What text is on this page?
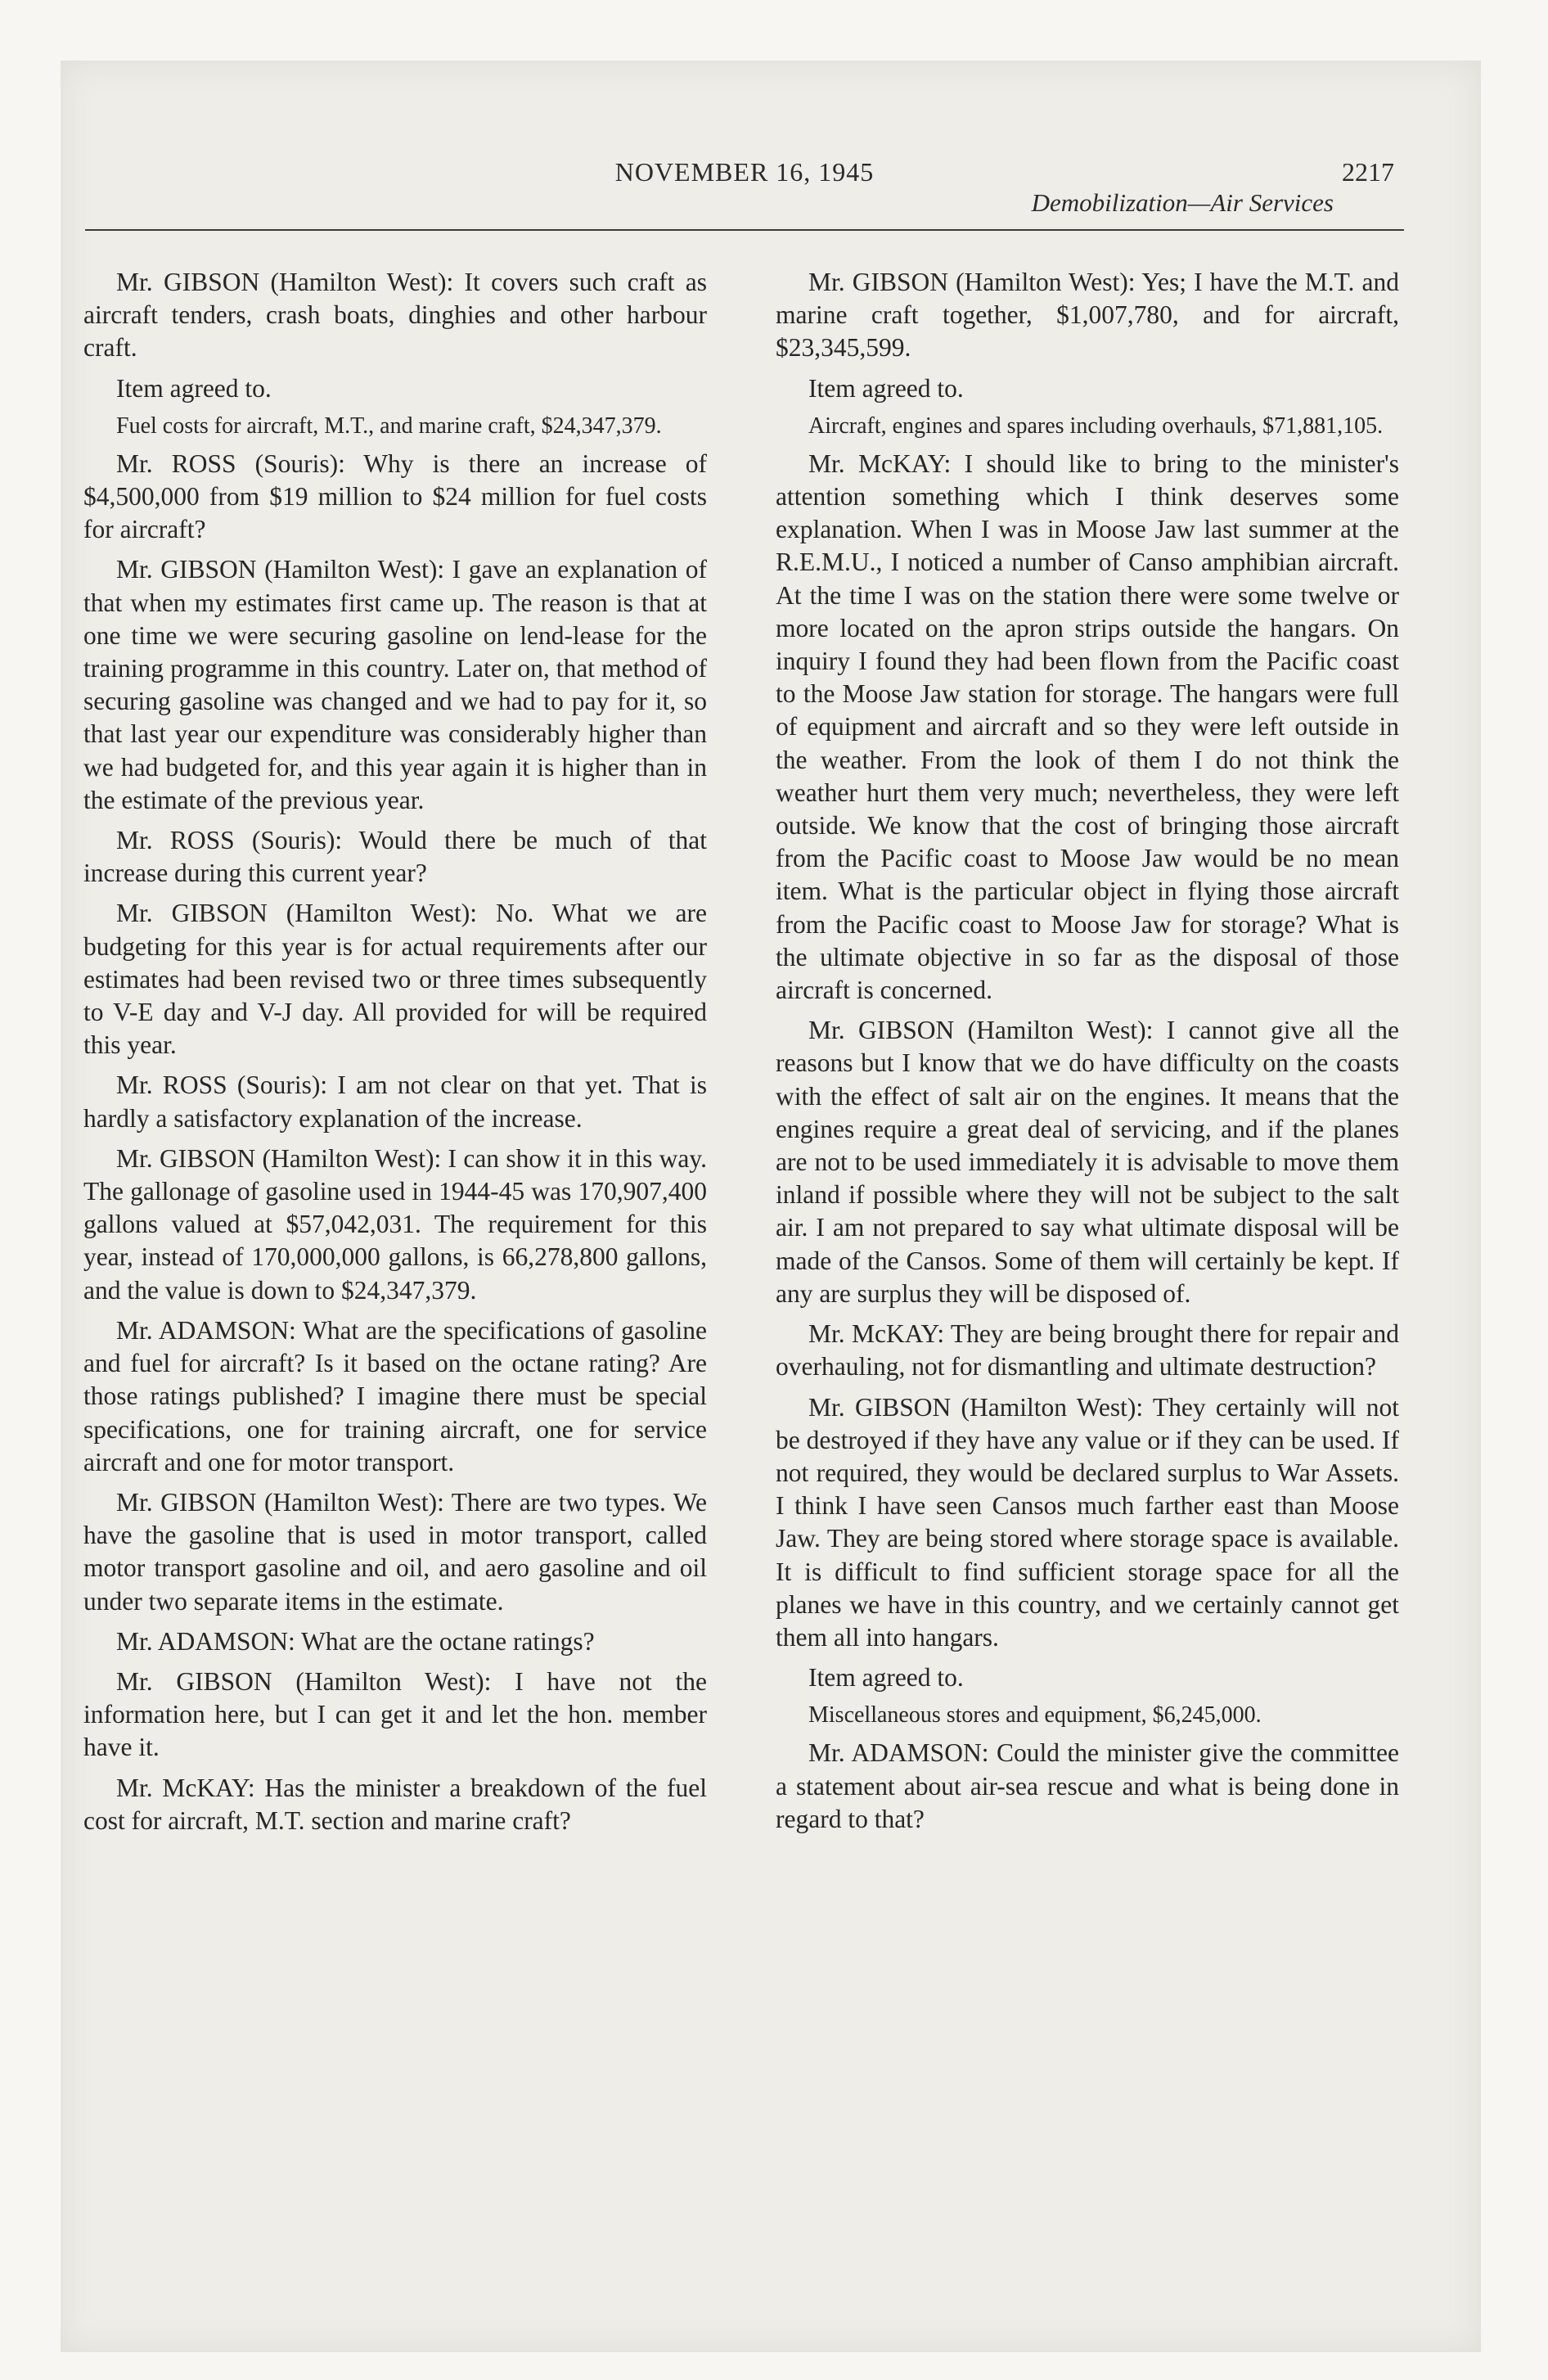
NOVEMBER 16, 1945	2217
Demobilization—Air Services

Mr. GIBSON (Hamilton West): It covers such craft as aircraft tenders, crash boats, dinghies and other harbour craft.

Item agreed to.

Fuel costs for aircraft, M.T., and marine craft, $24,347,379.

Mr. ROSS (Souris): Why is there an increase of $4,500,000 from $19 million to $24 million for fuel costs for aircraft?

Mr. GIBSON (Hamilton West): I gave an explanation of that when my estimates first came up. The reason is that at one time we were securing gasoline on lend-lease for the training programme in this country. Later on, that method of securing gasoline was changed and we had to pay for it, so that last year our expenditure was considerably higher than we had budgeted for, and this year again it is higher than in the estimate of the previous year.

Mr. ROSS (Souris): Would there be much of that increase during this current year?

Mr. GIBSON (Hamilton West): No. What we are budgeting for this year is for actual requirements after our estimates had been revised two or three times subsequently to V-E day and V-J day. All provided for will be required this year.

Mr. ROSS (Souris): I am not clear on that yet. That is hardly a satisfactory explanation of the increase.

Mr. GIBSON (Hamilton West): I can show it in this way. The gallonage of gasoline used in 1944-45 was 170,907,400 gallons valued at $57,042,031. The requirement for this year, instead of 170,000,000 gallons, is 66,278,800 gallons, and the value is down to $24,347,379.

Mr. ADAMSON: What are the specifications of gasoline and fuel for aircraft? Is it based on the octane rating? Are those ratings published? I imagine there must be special specifications, one for training aircraft, one for service aircraft and one for motor transport.

Mr. GIBSON (Hamilton West): There are two types. We have the gasoline that is used in motor transport, called motor transport gasoline and oil, and aero gasoline and oil under two separate items in the estimate.

Mr. ADAMSON: What are the octane ratings?

Mr. GIBSON (Hamilton West): I have not the information here, but I can get it and let the hon. member have it.

Mr. McKAY: Has the minister a breakdown of the fuel cost for aircraft, M.T. section and marine craft?

Mr. GIBSON (Hamilton West): Yes; I have the M.T. and marine craft together, $1,007,780, and for aircraft, $23,345,599.

Item agreed to.

Aircraft, engines and spares including overhauls, $71,881,105.

Mr. McKAY: I should like to bring to the minister's attention something which I think deserves some explanation. When I was in Moose Jaw last summer at the R.E.M.U., I noticed a number of Canso amphibian aircraft. At the time I was on the station there were some twelve or more located on the apron strips outside the hangars. On inquiry I found they had been flown from the Pacific coast to the Moose Jaw station for storage. The hangars were full of equipment and aircraft and so they were left outside in the weather. From the look of them I do not think the weather hurt them very much; nevertheless, they were left outside. We know that the cost of bringing those aircraft from the Pacific coast to Moose Jaw would be no mean item. What is the particular object in flying those aircraft from the Pacific coast to Moose Jaw for storage? What is the ultimate objective in so far as the disposal of those aircraft is concerned.

Mr. GIBSON (Hamilton West): I cannot give all the reasons but I know that we do have difficulty on the coasts with the effect of salt air on the engines. It means that the engines require a great deal of servicing, and if the planes are not to be used immediately it is advisable to move them inland if possible where they will not be subject to the salt air. I am not prepared to say what ultimate disposal will be made of the Cansos. Some of them will certainly be kept. If any are surplus they will be disposed of.

Mr. McKAY: They are being brought there for repair and overhauling, not for dismantling and ultimate destruction?

Mr. GIBSON (Hamilton West): They certainly will not be destroyed if they have any value or if they can be used. If not required, they would be declared surplus to War Assets. I think I have seen Cansos much farther east than Moose Jaw. They are being stored where storage space is available. It is difficult to find sufficient storage space for all the planes we have in this country, and we certainly cannot get them all into hangars.

Item agreed to.

Miscellaneous stores and equipment, $6,245,000.

Mr. ADAMSON: Could the minister give the committee a statement about air-sea rescue and what is being done in regard to that?
